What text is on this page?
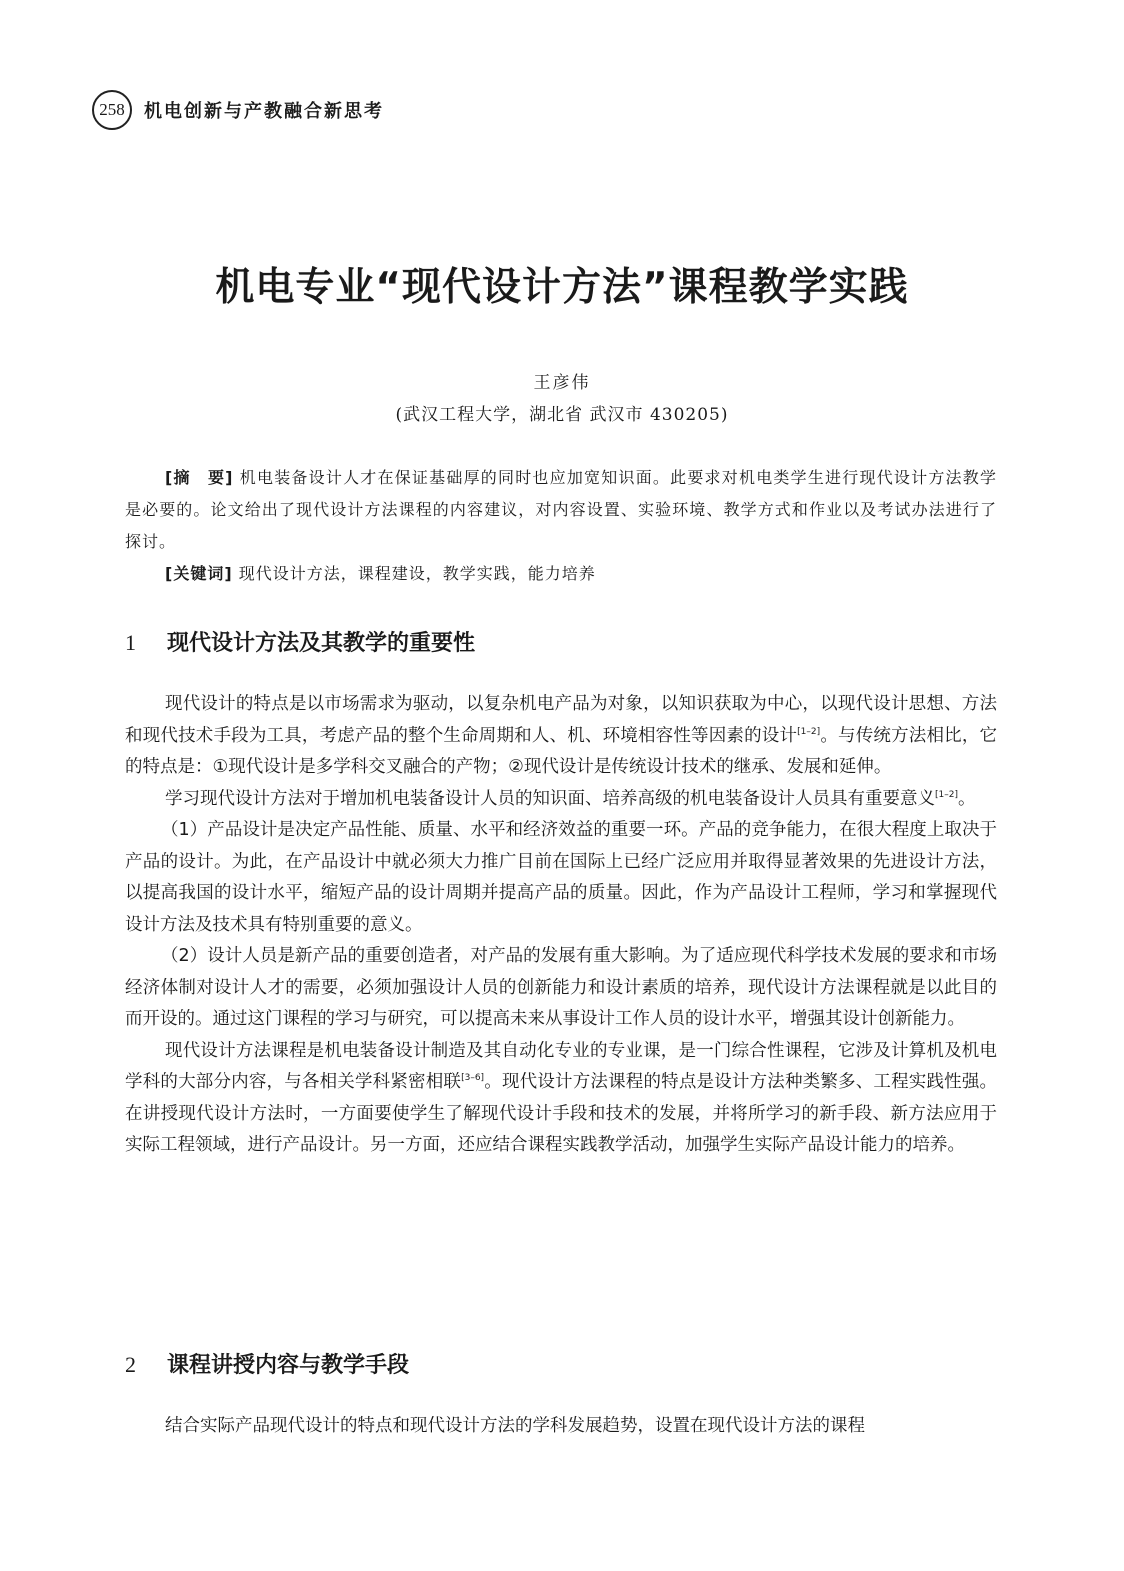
258	机电创新与产教融合新思考
机电专业“现代设计方法”课程教学实践
王彦伟
(武汉工程大学，湖北省 武汉市 430205)

[摘　要] 机电装备设计人才在保证基础厚的同时也应加宽知识面。此要求对机电类学生进行现代设计方法教学是必要的。论文给出了现代设计方法课程的内容建议，对内容设置、实验环境、教学方式和作业以及考试办法进行了探讨。

[关键词] 现代设计方法，课程建设，教学实践，能力培养

1	现代设计方法及其教学的重要性

现代设计的特点是以市场需求为驱动，以复杂机电产品为对象，以知识获取为中心，以现代设计思想、方法和现代技术手段为工具，考虑产品的整个生命周期和人、机、环境相容性等因素的设计[1–2]。与传统方法相比，它的特点是：①现代设计是多学科交叉融合的产物；②现代设计是传统设计技术的继承、发展和延伸。

学习现代设计方法对于增加机电装备设计人员的知识面、培养高级的机电装备设计人员具有重要意义[1–2]。

（1）产品设计是决定产品性能、质量、水平和经济效益的重要一环。产品的竞争能力，在很大程度上取决于产品的设计。为此，在产品设计中就必须大力推广目前在国际上已经广泛应用并取得显著效果的先进设计方法，以提高我国的设计水平，缩短产品的设计周期并提高产品的质量。因此，作为产品设计工程师，学习和掌握现代设计方法及技术具有特别重要的意义。

（2）设计人员是新产品的重要创造者，对产品的发展有重大影响。为了适应现代科学技术发展的要求和市场经济体制对设计人才的需要，必须加强设计人员的创新能力和设计素质的培养，现代设计方法课程就是以此目的而开设的。通过这门课程的学习与研究，可以提高未来从事设计工作人员的设计水平，增强其设计创新能力。

现代设计方法课程是机电装备设计制造及其自动化专业的专业课，是一门综合性课程，它涉及计算机及机电学科的大部分内容，与各相关学科紧密相联[3–6]。现代设计方法课程的特点是设计方法种类繁多、工程实践性强。在讲授现代设计方法时，一方面要使学生了解现代设计手段和技术的发展，并将所学习的新手段、新方法应用于实际工程领域，进行产品设计。另一方面，还应结合课程实践教学活动，加强学生实际产品设计能力的培养。

2	课程讲授内容与教学手段

结合实际产品现代设计的特点和现代设计方法的学科发展趋势，设置在现代设计方法的课程
